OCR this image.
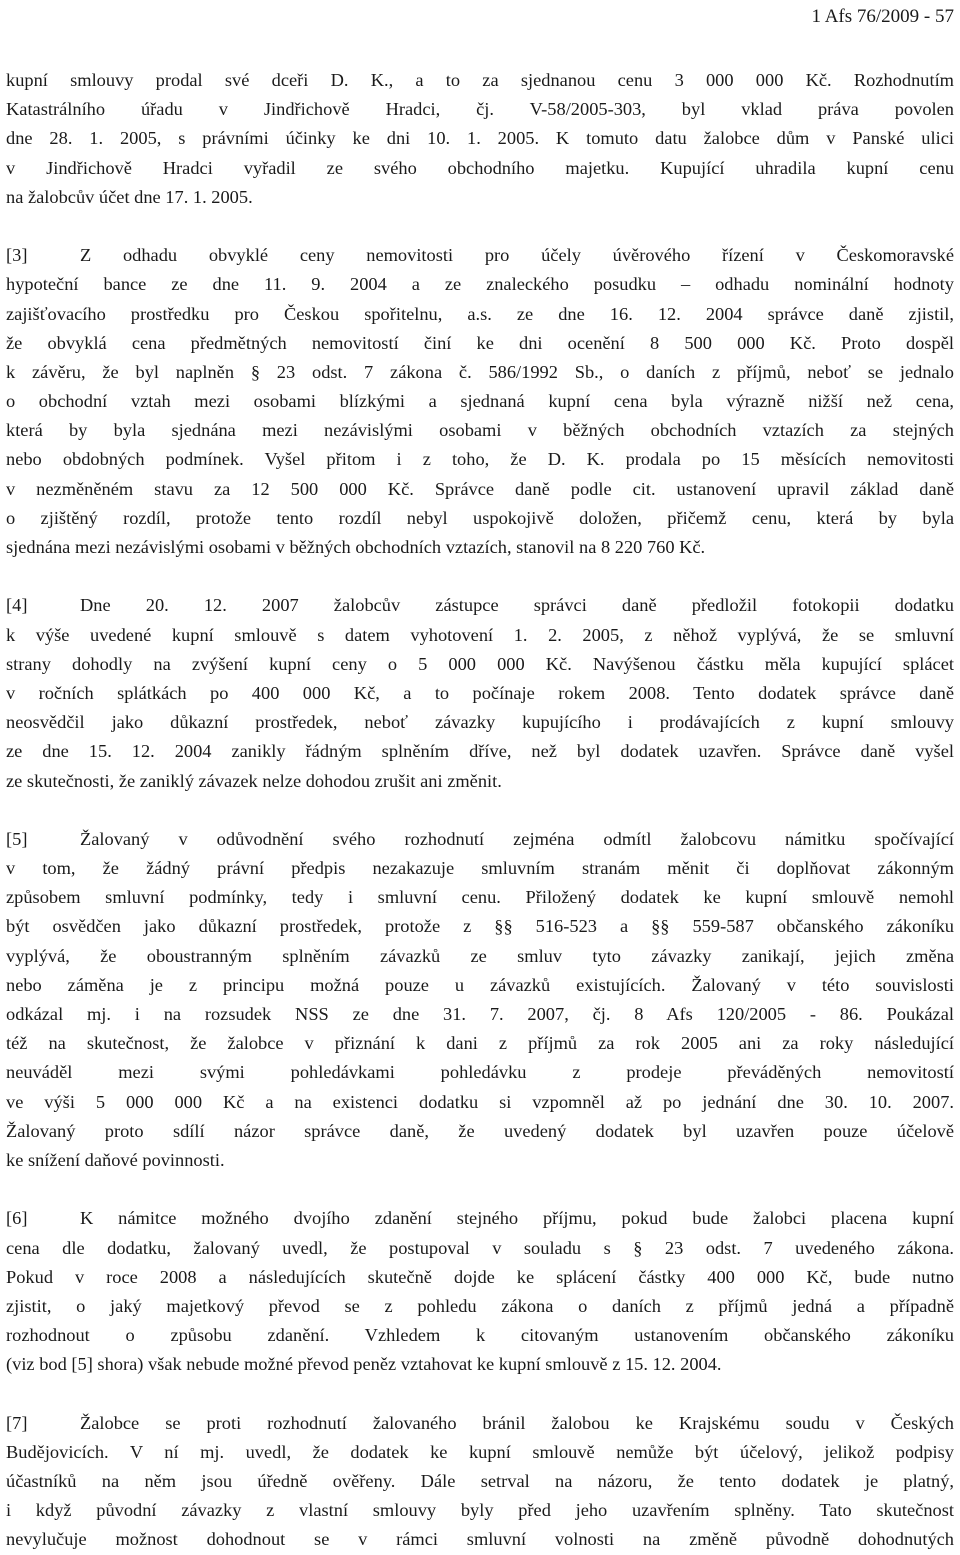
1 Afs 76/2009 - 57
kupní smlouvy prodal své dceři D. K., a to za sjednanou cenu 3 000 000 Kč. Rozhodnutím
Katastrálního úřadu v Jindřichově Hradci, čj. V-58/2005-303, byl vklad práva povolen
dne 28. 1. 2005, s právními účinky ke dni 10. 1. 2005. K tomuto datu žalobce dům v Panské ulici
v Jindřichově Hradci vyřadil ze svého obchodního majetku. Kupující uhradila kupní cenu
na žalobcův účet dne 17. 1. 2005.
[3]	Z odhadu obvyklé ceny nemovitosti pro účely úvěrového řízení v Českomoravské
hypoteční bance ze dne 11. 9. 2004 a ze znaleckého posudku – odhadu nominální hodnoty
zajišťovacího prostředku pro Českou spořitelnu, a.s. ze dne 16. 12. 2004 správce daně zjistil,
že obvyklá cena předmětných nemovitostí činí ke dni ocenění 8 500 000 Kč. Proto dospěl
k závěru, že byl naplněn § 23 odst. 7 zákona č. 586/1992 Sb., o daních z příjmů, neboť se jednalo
o obchodní vztah mezi osobami blízkými a sjednaná kupní cena byla výrazně nižší než cena,
která by byla sjednána mezi nezávislými osobami v běžných obchodních vztazích za stejných
nebo obdobných podmínek. Vyšel přitom i z toho, že D. K. prodala po 15 měsících nemovitosti
v nezměněném stavu za 12 500 000 Kč. Správce daně podle cit. ustanovení upravil základ daně
o zjištěný rozdíl, protože tento rozdíl nebyl uspokojivě doložen, přičemž cenu, která by byla
sjednána mezi nezávislými osobami v běžných obchodních vztazích, stanovil na 8 220 760 Kč.
[4]	Dne 20. 12. 2007 žalobcův zástupce správci daně předložil fotokopii dodatku
k výše uvedené kupní smlouvě s datem vyhotovení 1. 2. 2005, z něhož vyplývá, že se smluvní
strany dohodly na zvýšení kupní ceny o 5 000 000 Kč. Navýšenou částku měla kupující splácet
v ročních splátkách po 400 000 Kč, a to počínaje rokem 2008. Tento dodatek správce daně
neosvědčil jako důkazní prostředek, neboť závazky kupujícího i prodávajících z kupní smlouvy
ze dne 15. 12. 2004 zanikly řádným splněním dříve, než byl dodatek uzavřen. Správce daně vyšel
ze skutečnosti, že zaniklý závazek nelze dohodou zrušit ani změnit.
[5]	Žalovaný v odůvodnění svého rozhodnutí zejména odmítl žalobcovu námitku spočívající
v tom, že žádný právní předpis nezakazuje smluvním stranám měnit či doplňovat zákonným
způsobem smluvní podmínky, tedy i smluvní cenu. Přiložený dodatek ke kupní smlouvě nemohl
být osvědčen jako důkazní prostředek, protože z §§ 516-523 a §§ 559-587 občanského zákoníku
vyplývá, že oboustranným splněním závazků ze smluv tyto závazky zanikají, jejich změna
nebo záměna je z principu možná pouze u závazků existujících. Žalovaný v této souvislosti
odkázal mj. i na rozsudek NSS ze dne 31. 7. 2007, čj. 8 Afs 120/2005 - 86. Poukázal
též na skutečnost, že žalobce v přiznání k dani z příjmů za rok 2005 ani za roky následující
neuváděl mezi svými pohledávkami pohledávku z prodeje převáděných nemovitostí
ve výši 5 000 000 Kč a na existenci dodatku si vzpomněl až po jednání dne 30. 10. 2007.
Žalovaný proto sdílí názor správce daně, že uvedený dodatek byl uzavřen pouze účelově
ke snížení daňové povinnosti.
[6]	K námitce možného dvojího zdanění stejného příjmu, pokud bude žalobci placena kupní
cena dle dodatku, žalovaný uvedl, že postupoval v souladu s § 23 odst. 7 uvedeného zákona.
Pokud v roce 2008 a následujících skutečně dojde ke splácení částky 400 000 Kč, bude nutno
zjistit, o jaký majetkový převod se z pohledu zákona o daních z příjmů jedná a případně
rozhodnout o způsobu zdanění. Vzhledem k citovaným ustanovením občanského zákoníku
(viz bod [5] shora) však nebude možné převod peněz vztahovat ke kupní smlouvě z 15. 12. 2004.
[7]	Žalobce se proti rozhodnutí žalovaného bránil žalobou ke Krajskému soudu v Českých
Budějovicích. V ní mj. uvedl, že dodatek ke kupní smlouvě nemůže být účelový, jelikož podpisy
účastníků na něm jsou úředně ověřeny. Dále setrval na názoru, že tento dodatek je platný,
i když původní závazky z vlastní smlouvy byly před jeho uzavřením splněny. Tato skutečnost
nevylučuje možnost dohodnout se v rámci smluvní volnosti na změně původně dohodnutých
